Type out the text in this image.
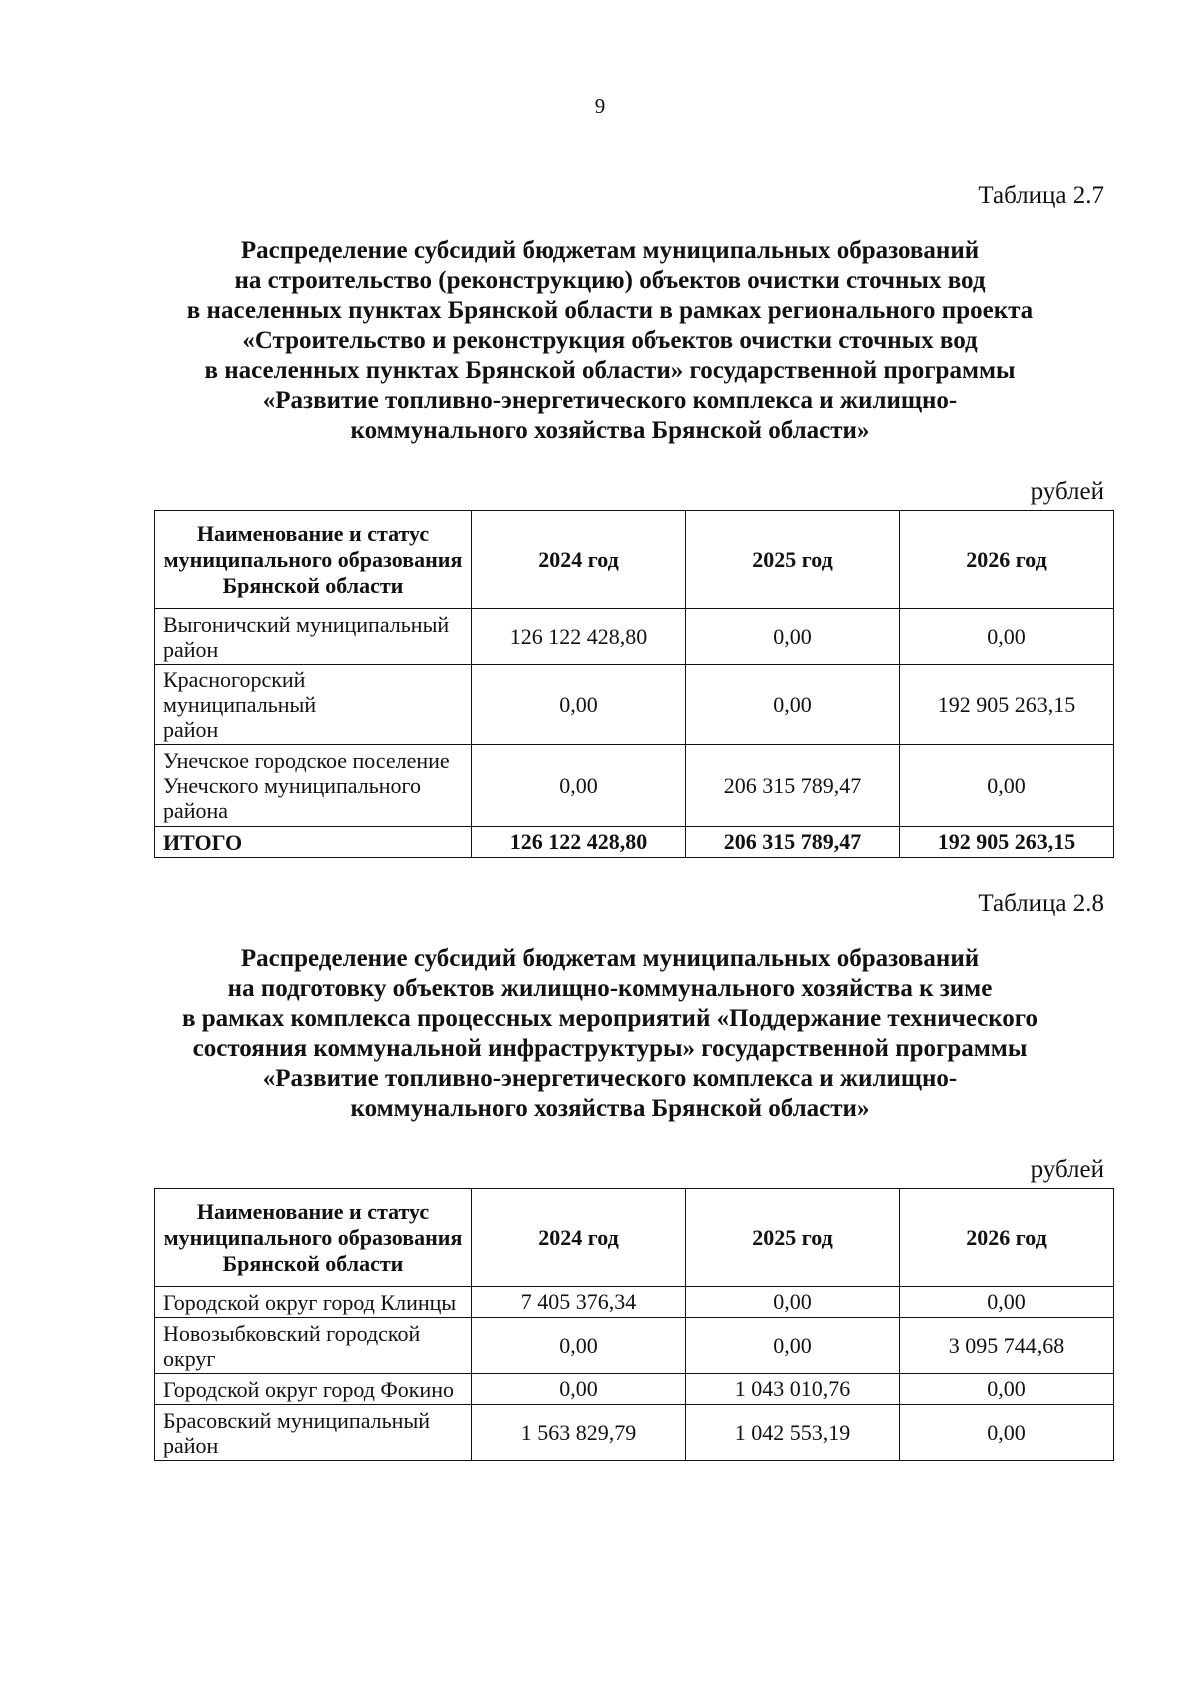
9
Таблица 2.7
Распределение субсидий бюджетам муниципальных образований
на строительство (реконструкцию) объектов очистки сточных вод
в населенных пунктах Брянской области в рамках регионального проекта
«Строительство и реконструкция объектов очистки сточных вод
в населенных пунктах Брянской области» государственной программы
«Развитие топливно-энергетического комплекса и жилищно-
коммунального хозяйства Брянской области»
рублей
Наименование и статус
муниципального образования
Брянской области	2024 год	2025 год	2026 год

Выгоничский муниципальный
район	126 122 428,80	0,00	0,00

Красногорский муниципальный
район	0,00	0,00	192 905 263,15

Унечское городское поселение
Унечского муниципального
района	0,00	206 315 789,47	0,00
ИТОГО	126 122 428,80	206 315 789,47	192 905 263,15
Таблица 2.8
Распределение субсидий бюджетам муниципальных образований
на подготовку объектов жилищно-коммунального хозяйства к зиме
в рамках комплекса процессных мероприятий «Поддержание технического
состояния коммунальной инфраструктуры» государственной программы
«Развитие топливно-энергетического комплекса и жилищно-
коммунального хозяйства Брянской области»
рублей
Наименование и статус
муниципального образования
Брянской области	2024 год	2025 год	2026 год

Городской округ город Клинцы	7 405 376,34	0,00	0,00

Новозыбковский городской
округ	0,00	0,00	3 095 744,68

Городской округ город Фокино	0,00	1 043 010,76	0,00

Брасовский муниципальный
район	1 563 829,79	1 042 553,19	0,00
